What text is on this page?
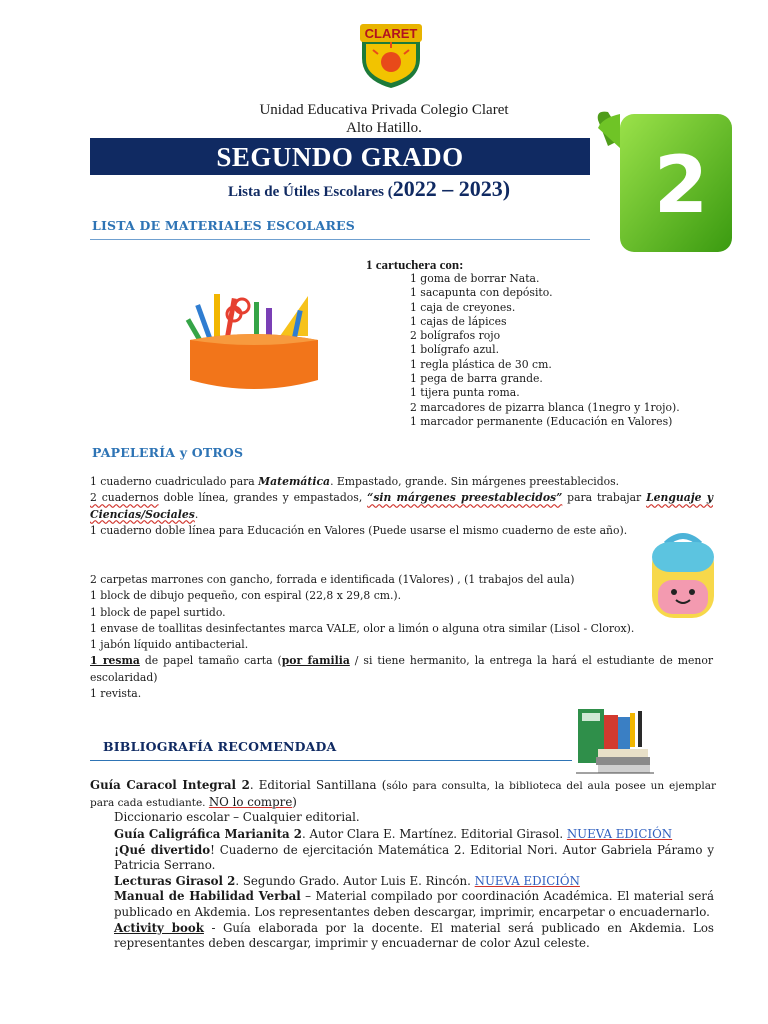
CLARET
Unidad Educativa Privada Colegio Claret
Alto Hatillo.
SEGUNDO GRADO
Lista de Útiles Escolares (2022 – 2023) 2
LISTA DE MATERIALES ESCOLARES
1 cartuchera con:
1 goma de borrar Nata.
1 sacapunta con depósito.
1 caja de creyones.
1 cajas de lápices
2 bolígrafos rojo
1 bolígrafo azul.
1 regla plástica de 30 cm.
1 pega de barra grande.
1 tijera punta roma.
2 marcadores de pizarra blanca (1negro y 1rojo).
1 marcador permanente (Educación en Valores)
PAPELERÍA y OTROS
1 cuaderno cuadriculado para Matemática. Empastado, grande. Sin márgenes preestablecidos.
2 cuadernos doble línea, grandes y empastados, “sin márgenes preestablecidos” para trabajar Lenguaje y Ciencias/Sociales.
1 cuaderno doble línea para Educación en Valores (Puede usarse el mismo cuaderno de este año).
2 carpetas marrones con gancho, forrada e identificada (1Valores) , (1 trabajos del aula)
1 block de dibujo pequeño, con espiral (22,8 x 29,8 cm.).
1 block de papel surtido.
1 envase de toallitas desinfectantes marca VALE, olor a limón o alguna otra similar (Lisol - Clorox).
1 jabón líquido antibacterial.
1 resma de papel tamaño carta (por familia / si tiene hermanito, la entrega la hará el estudiante de menor escolaridad)
1 revista.
BIBLIOGRAFÍA RECOMENDADA
Guía Caracol Integral 2. Editorial Santillana (sólo para consulta, la biblioteca del aula posee un ejemplar para cada estudiante. NO lo compre)
Diccionario escolar – Cualquier editorial.
Guía Caligráfica Marianita 2. Autor Clara E. Martínez. Editorial Girasol. NUEVA EDICIÓN
¡Qué divertido! Cuaderno de ejercitación Matemática 2. Editorial Nori. Autor Gabriela Páramo y Patricia Serrano.
Lecturas Girasol 2. Segundo Grado. Autor Luis E. Rincón. NUEVA EDICIÓN
Manual de Habilidad Verbal – Material compilado por coordinación Académica. El material será publicado en Akdemia. Los representantes deben descargar, imprimir, encarpetar o encuadernarlo.
Activity book - Guía elaborada por la docente. El material será publicado en Akdemia. Los representantes deben descargar, imprimir y encuadernar de color Azul celeste.
